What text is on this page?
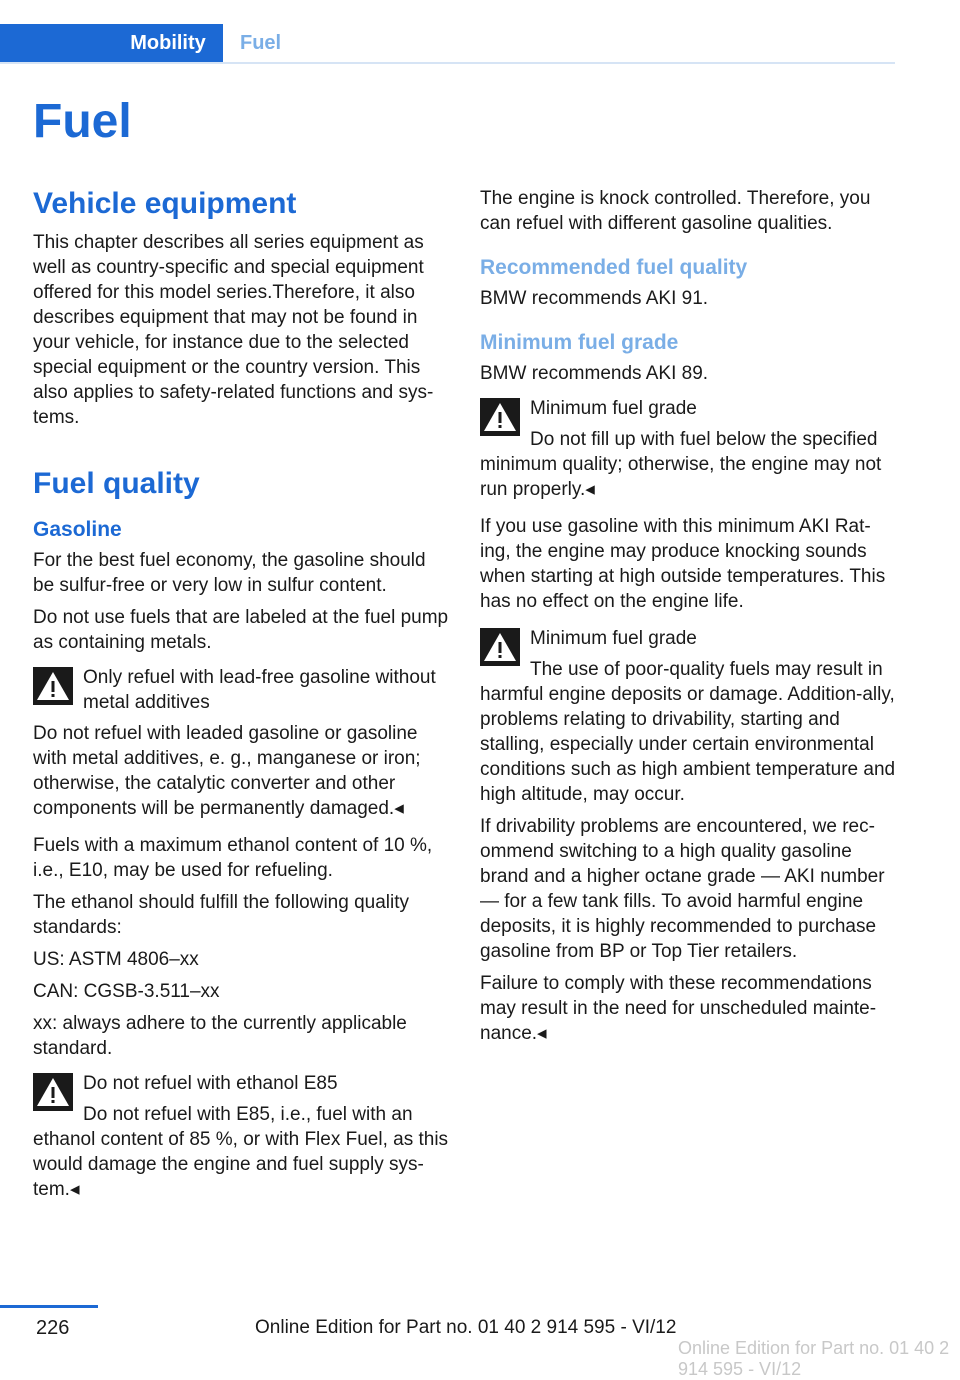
Mobility	Fuel
Fuel
Vehicle equipment

This chapter describes all series equipment as well as country-specific and special equipment offered for this model series.Therefore, it also describes equipment that may not be found in your vehicle, for instance due to the selected special equipment or the country version. This also applies to safety-related functions and sys‐tems.

Fuel quality
Gasoline

For the best fuel economy, the gasoline should be sulfur-free or very low in sulfur content.

Do not use fuels that are labeled at the fuel pump as containing metals.

Only refuel with lead-free gasoline without metal additives

Do not refuel with leaded gasoline or gasoline with metal additives, e. g., manganese or iron; otherwise, the catalytic converter and other components will be permanently damaged.◂

Fuels with a maximum ethanol content of 10 %, i.e., E10, may be used for refueling.

The ethanol should fulfill the following quality standards:

US: ASTM 4806–xx

CAN: CGSB-3.511–xx

xx: always adhere to the currently applicable standard.

Do not refuel with ethanol E85

Do not refuel with E85, i.e., fuel with an ethanol content of 85 %, or with Flex Fuel, as this would damage the engine and fuel supply sys‐tem.◂

The engine is knock controlled. Therefore, you can refuel with different gasoline qualities.

Recommended fuel quality

BMW recommends AKI 91.

Minimum fuel grade

BMW recommends AKI 89.

Minimum fuel grade

Do not fill up with fuel below the specified minimum quality; otherwise, the engine may not run properly.◂

If you use gasoline with this minimum AKI Rat‐ing, the engine may produce knocking sounds when starting at high outside temperatures. This has no effect on the engine life.

Minimum fuel grade

The use of poor-quality fuels may result in harmful engine deposits or damage. Addition‐ally, problems relating to drivability, starting and stalling, especially under certain environmental conditions such as high ambient temperature and high altitude, may occur.

If drivability problems are encountered, we rec‐ommend switching to a high quality gasoline brand and a higher octane grade — AKI number — for a few tank fills. To avoid harmful engine deposits, it is highly recommended to purchase gasoline from BP or Top Tier retailers.

Failure to comply with these recommendations may result in the need for unscheduled mainte‐nance.◂

226	Online Edition for Part no. 01 40 2 914 595 - VI/12
Online Edition for Part no. 01 40 2 914 595 - VI/12
